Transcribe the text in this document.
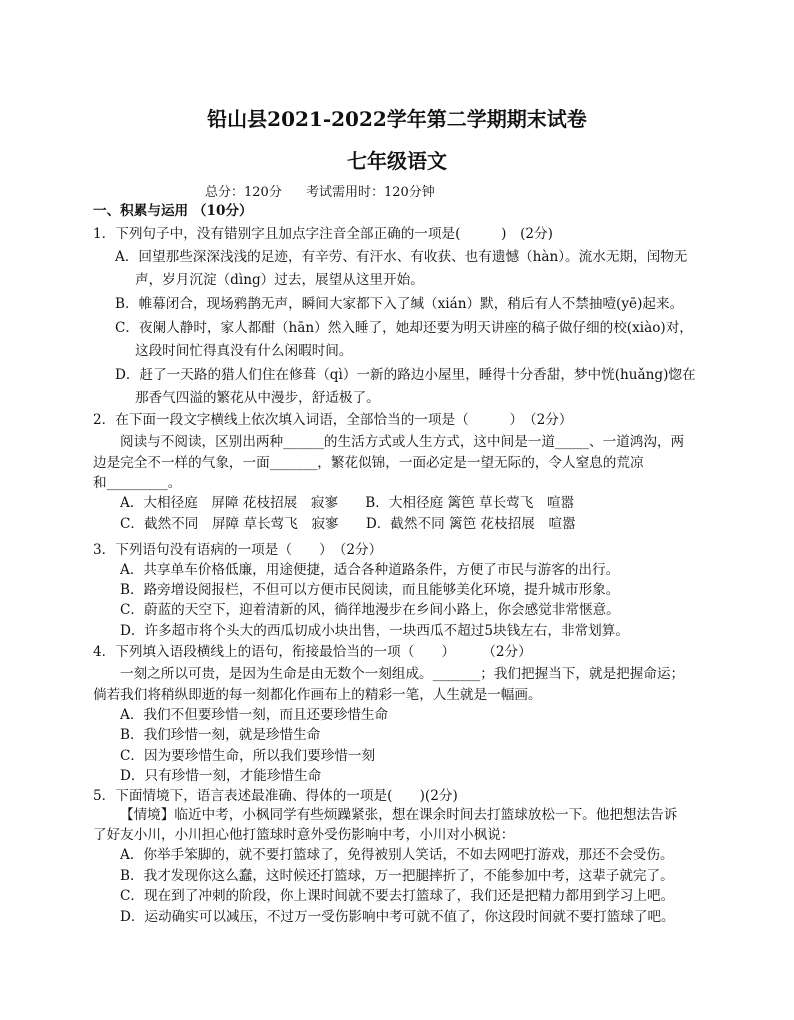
铅山县2021-2022学年第二学期期末试卷
七年级语文
总分：120分 考试需用时：120分钟
一、积累与运用 （10分）
1．下列句子中，没有错别字且加点字注音全部正确的一项是(　　　)　(2分)
A．回望那些深深浅浅的足迹，有辛劳、有汗水、有收获、也有遗憾（hàn）。流水无期，闰物无
声，岁月沉淀（dìng）过去，展望从这里开始。
B．帷幕闭合，现场鸦鹊无声，瞬间大家都下入了缄（xián）默，稍后有人不禁抽噎(yē)起来。
C．夜阑人静时，家人都酣（hān）然入睡了，她却还要为明天讲座的稿子做仔细的校(xiào)对，
这段时间忙得真没有什么闲暇时间。
D．赶了一天路的猎人们住在修葺（qì）一新的路边小屋里，睡得十分香甜，梦中恍(huǎng)惚在
那香气四溢的繁花从中漫步，舒适极了。
2．在下面一段文字横线上依次填入词语，全部恰当的一项是（　　　）　（2分）
阅读与不阅读，区别出两种______的生活方式或人生方式，这中间是一道_____、一道鸿沟，两
边是完全不一样的气象，一面_______，繁花似锦，一面必定是一望无际的，令人窒息的荒凉
和_________。
A．大相径庭　屏障 花枝招展　寂寥　　B．大相径庭 篱笆 草长莺飞　喧嚣
C．截然不同　屏障 草长莺飞　寂寥　　D．截然不同 篱笆 花枝招展　喧嚣
3．下列语句没有语病的一项是（　　）　（2分）
A．共享单车价格低廉，用途便捷，适合各种道路条件，方便了市民与游客的出行。
B．路旁增设阅报栏，不但可以方便市民阅读，而且能够美化环境，提升城市形象。
C．蔚蓝的天空下，迎着清新的风，徜徉地漫步在乡间小路上，你会感觉非常惬意。
D．许多超市将个头大的西瓜切成小块出售，一块西瓜不超过5块钱左右，非常划算。
4．下列填入语段横线上的语句，衔接最恰当的一项（　　）　　　（2分）
一刻之所以可贵，是因为生命是由无数个一刻组成。_______；我们把握当下，就是把握命运；
倘若我们将稍纵即逝的每一刻都化作画布上的精彩一笔，人生就是一幅画。
A．我们不但要珍惜一刻，而且还要珍惜生命
B．我们珍惜一刻，就是珍惜生命
C．因为要珍惜生命，所以我们要珍惜一刻
D．只有珍惜一刻，才能珍惜生命
5．下面情境下，语言表述最准确、得体的一项是(　　)(2分)
【情境】临近中考，小枫同学有些烦躁紧张，想在课余时间去打篮球放松一下。他把想法告诉
了好友小川，小川担心他打篮球时意外受伤影响中考，小川对小枫说：
A．你举手笨脚的，就不要打篮球了，免得被别人笑话，不如去网吧打游戏，那还不会受伤。
B．我才发现你这么蠢，这时候还打篮球，万一把腿摔折了，不能参加中考，这辈子就完了。
C．现在到了冲刺的阶段，你上课时间就不要去打篮球了，我们还是把精力都用到学习上吧。
D．运动确实可以减压，不过万一受伤影响中考可就不值了，你这段时间就不要打篮球了吧。
